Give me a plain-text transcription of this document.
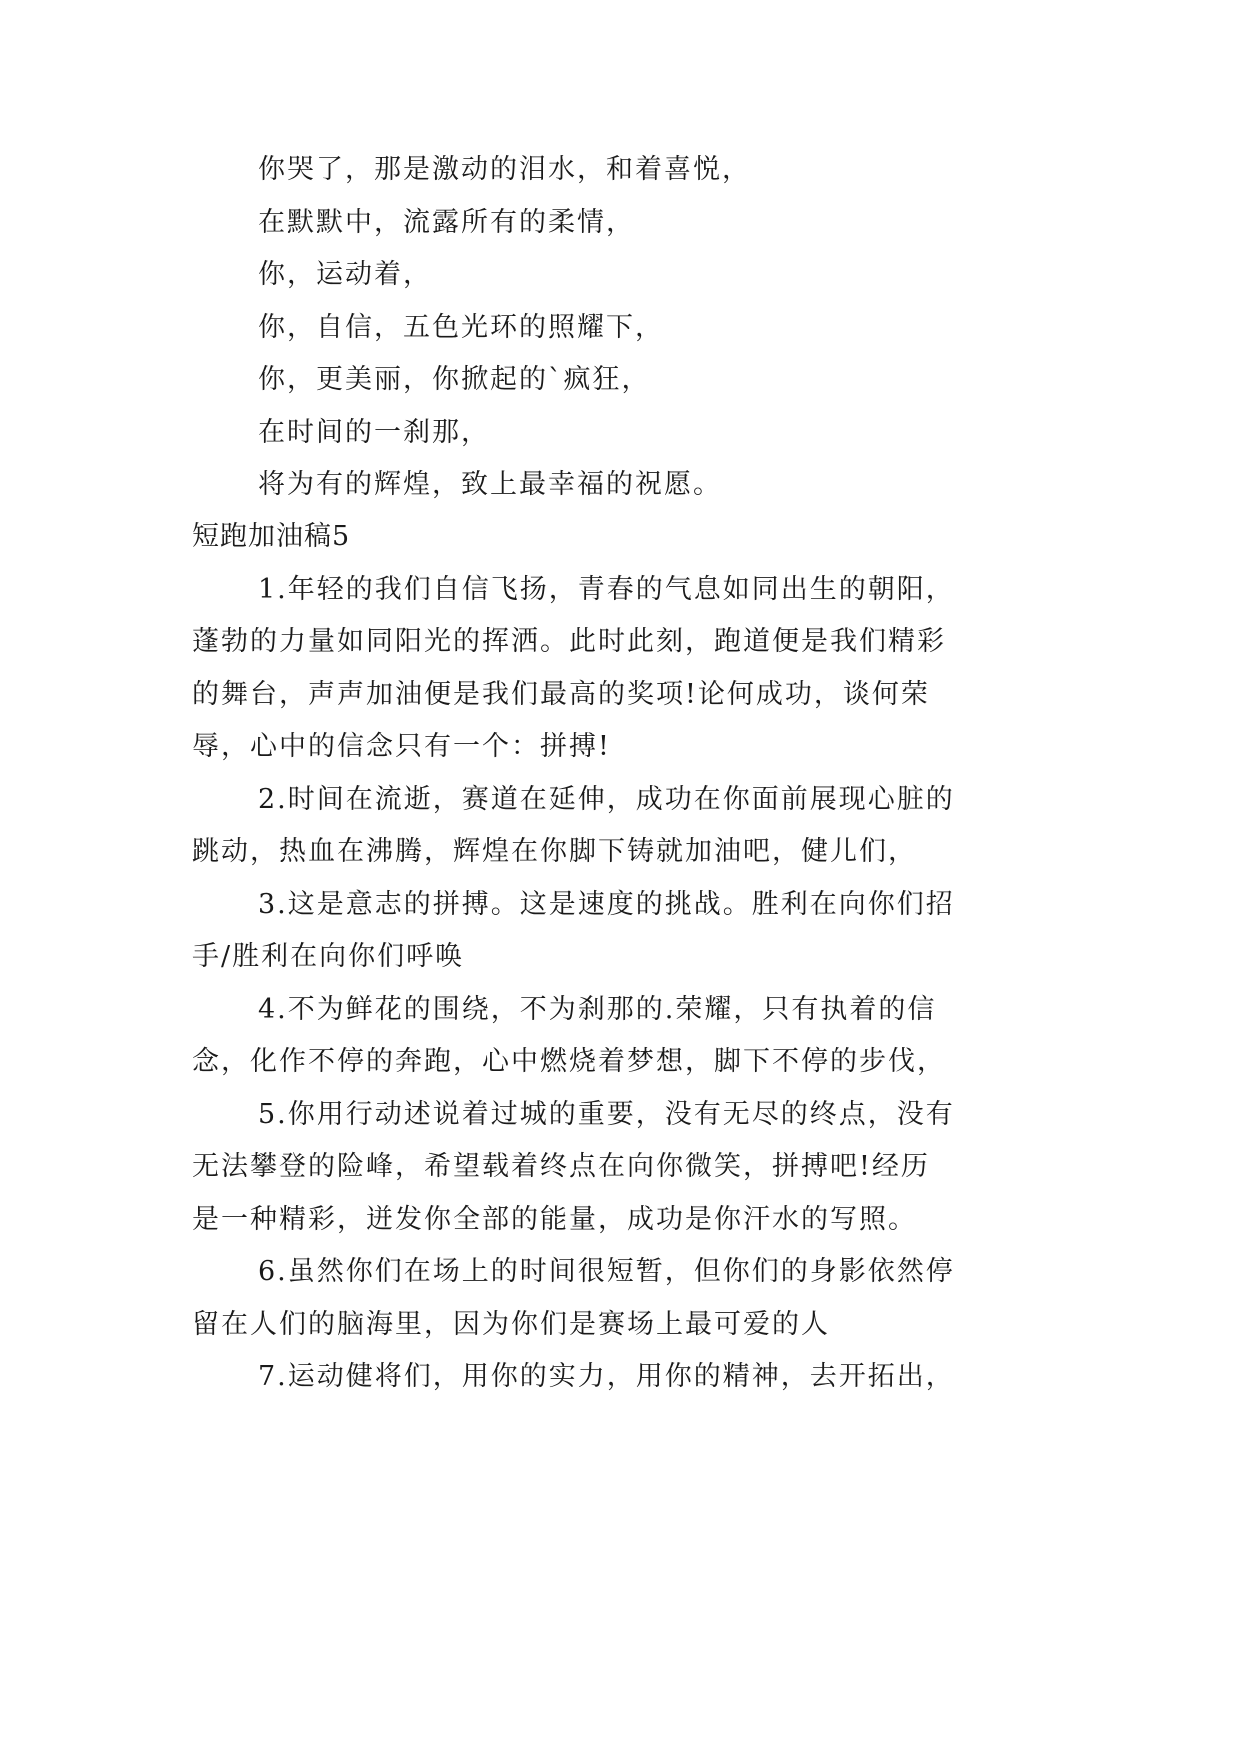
你哭了，那是激动的泪水，和着喜悦，
在默默中，流露所有的柔情，
你，运动着，
你，自信，五色光环的照耀下，
你，更美丽，你掀起的`疯狂，
在时间的一刹那，
将为有的辉煌，致上最幸福的祝愿。
短跑加油稿5
1.年轻的我们自信飞扬，青春的气息如同出生的朝阳，
蓬勃的力量如同阳光的挥洒。此时此刻，跑道便是我们精彩
的舞台，声声加油便是我们最高的奖项!论何成功，谈何荣
辱，心中的信念只有一个：拼搏!
2.时间在流逝，赛道在延伸，成功在你面前展现心脏的
跳动，热血在沸腾，辉煌在你脚下铸就加油吧，健儿们，
3.这是意志的拼搏。这是速度的挑战。胜利在向你们招
手/胜利在向你们呼唤
4.不为鲜花的围绕，不为刹那的.荣耀，只有执着的信
念，化作不停的奔跑，心中燃烧着梦想，脚下不停的步伐，
5.你用行动述说着过城的重要，没有无尽的终点，没有
无法攀登的险峰，希望载着终点在向你微笑，拼搏吧!经历
是一种精彩，迸发你全部的能量，成功是你汗水的写照。
6.虽然你们在场上的时间很短暂，但你们的身影依然停
留在人们的脑海里，因为你们是赛场上最可爱的人
7.运动健将们，用你的实力，用你的精神，去开拓出，
